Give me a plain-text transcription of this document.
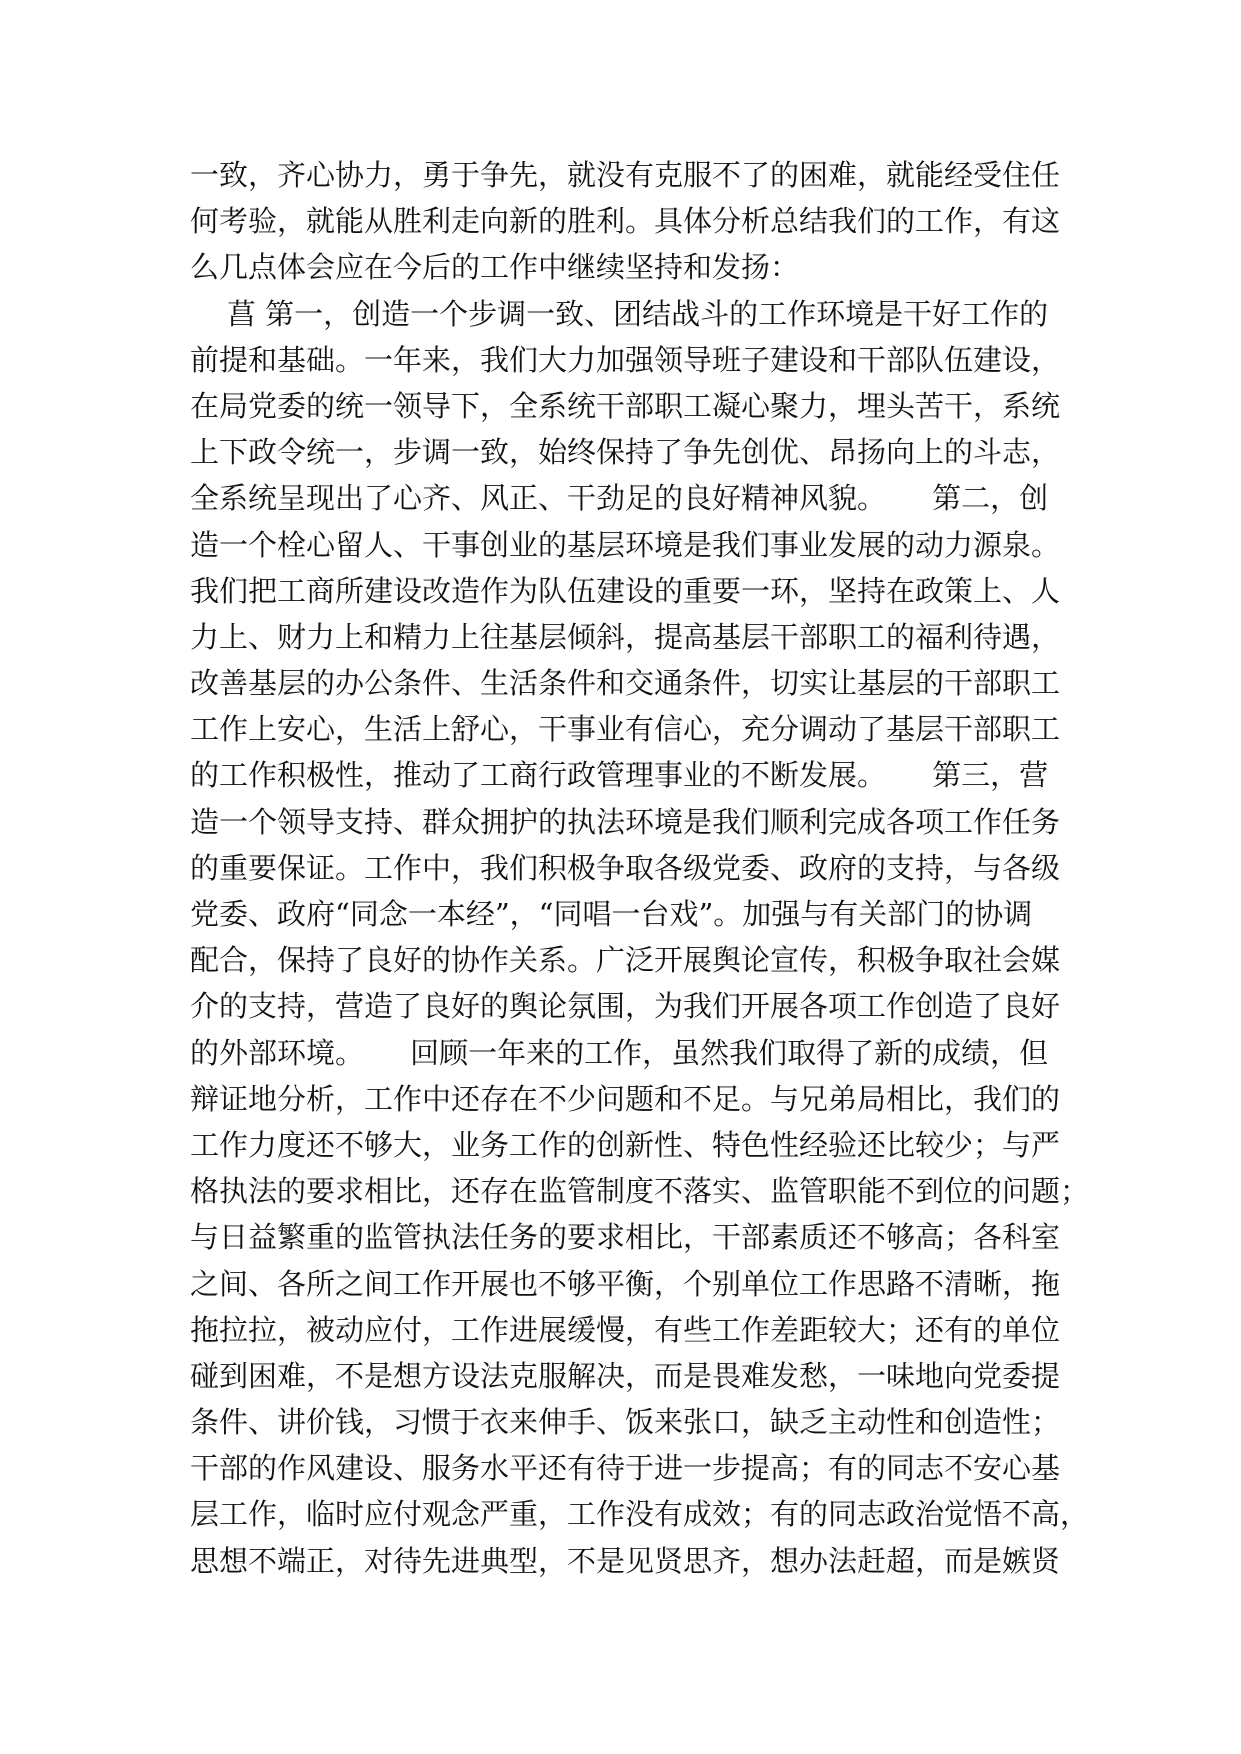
一致，齐心协力，勇于争先，就没有克服不了的困难，就能经受住任
何考验，就能从胜利走向新的胜利。具体分析总结我们的工作，有这
么几点体会应在今后的工作中继续坚持和发扬：
菖 第一，创造一个步调一致、团结战斗的工作环境是干好工作的
前提和基础。一年来，我们大力加强领导班子建设和干部队伍建设，
在局党委的统一领导下，全系统干部职工凝心聚力，埋头苦干，系统
上下政令统一，步调一致，始终保持了争先创优、昂扬向上的斗志，
全系统呈现出了心齐、风正、干劲足的良好精神风貌。     第二，创
造一个栓心留人、干事创业的基层环境是我们事业发展的动力源泉。
我们把工商所建设改造作为队伍建设的重要一环，坚持在政策上、人
力上、财力上和精力上往基层倾斜，提高基层干部职工的福利待遇，
改善基层的办公条件、生活条件和交通条件，切实让基层的干部职工
工作上安心，生活上舒心，干事业有信心，充分调动了基层干部职工
的工作积极性，推动了工商行政管理事业的不断发展。     第三，营
造一个领导支持、群众拥护的执法环境是我们顺利完成各项工作任务
的重要保证。工作中，我们积极争取各级党委、政府的支持，与各级
党委、政府“同念一本经”，“同唱一台戏”。加强与有关部门的协调
配合，保持了良好的协作关系。广泛开展舆论宣传，积极争取社会媒
介的支持，营造了良好的舆论氛围，为我们开展各项工作创造了良好
的外部环境。     回顾一年来的工作，虽然我们取得了新的成绩，但
辩证地分析，工作中还存在不少问题和不足。与兄弟局相比，我们的
工作力度还不够大，业务工作的创新性、特色性经验还比较少；与严
格执法的要求相比，还存在监管制度不落实、监管职能不到位的问题；
与日益繁重的监管执法任务的要求相比，干部素质还不够高；各科室
之间、各所之间工作开展也不够平衡，个别单位工作思路不清晰，拖
拖拉拉，被动应付，工作进展缓慢，有些工作差距较大；还有的单位
碰到困难，不是想方设法克服解决，而是畏难发愁，一味地向党委提
条件、讲价钱，习惯于衣来伸手、饭来张口，缺乏主动性和创造性；
干部的作风建设、服务水平还有待于进一步提高；有的同志不安心基
层工作，临时应付观念严重，工作没有成效；有的同志政治觉悟不高，
思想不端正，对待先进典型，不是见贤思齐，想办法赶超，而是嫉贤
